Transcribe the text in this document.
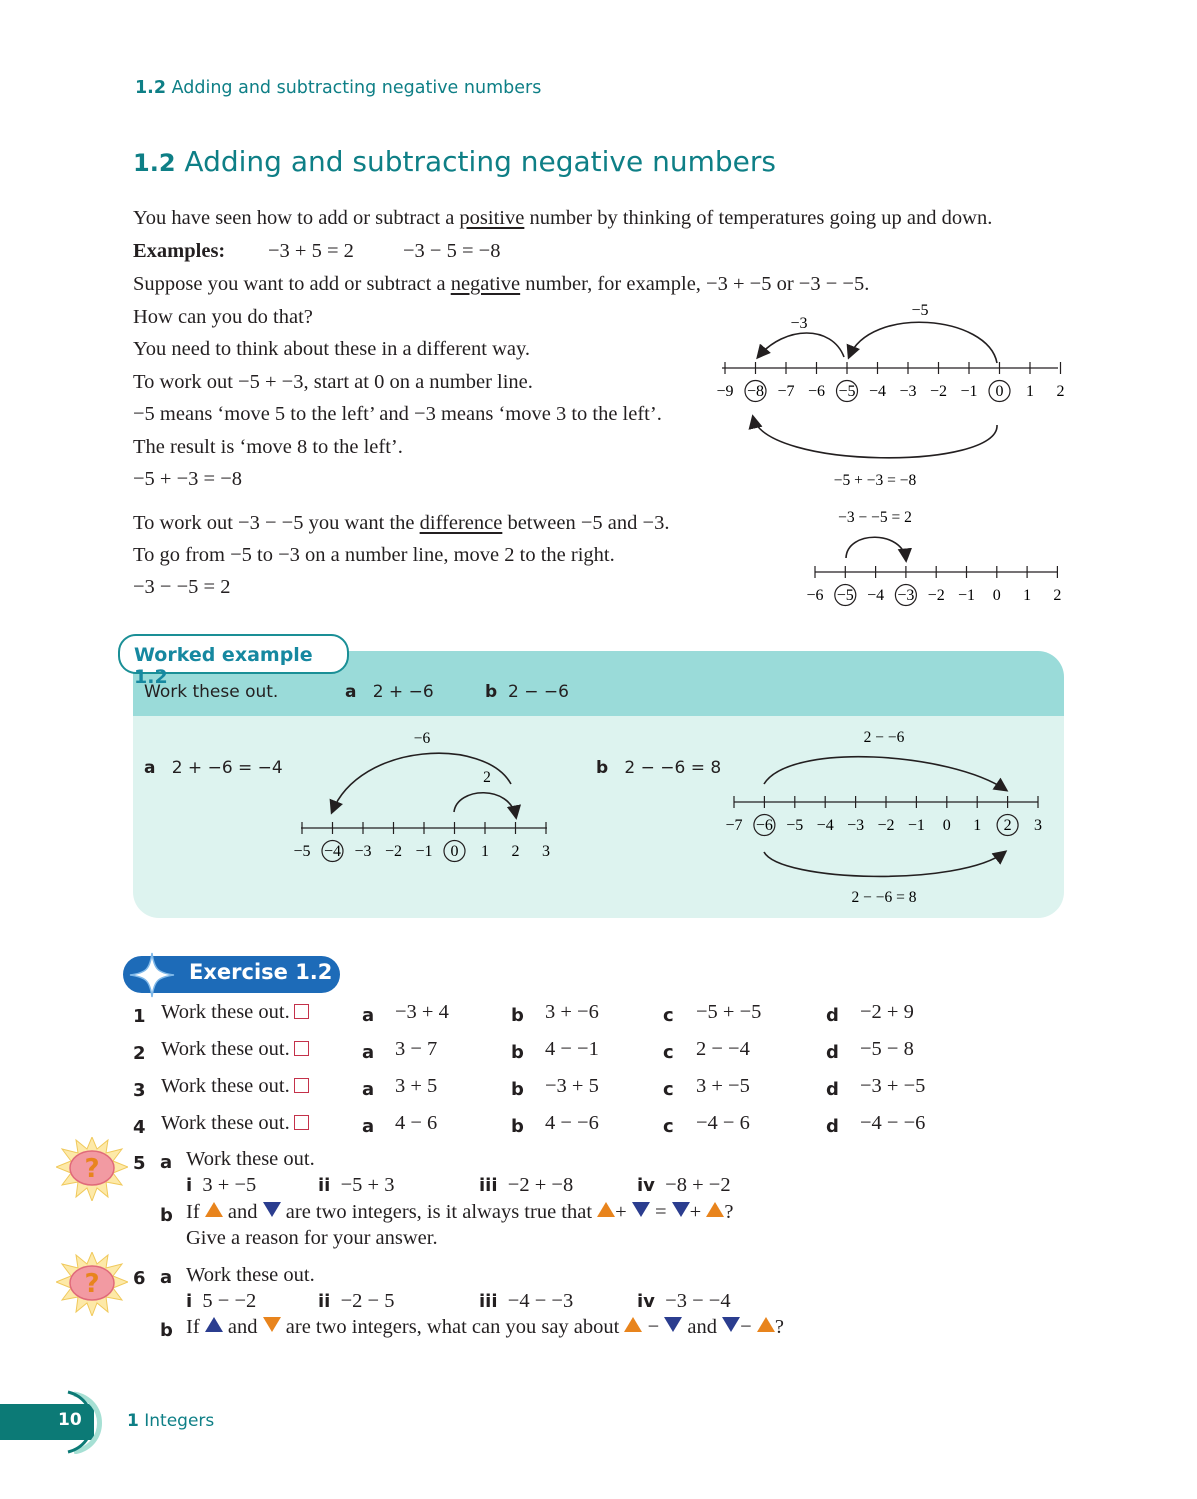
1.2 Adding and subtracting negative numbers
1.2 Adding and subtracting negative numbers
You have seen how to add or subtract a positive number by thinking of temperatures going up and down.
Examples: −3 + 5 = 2 −3 − 5 = −8
Suppose you want to add or subtract a negative number, for example, −3 + −5 or −3 − −5.
How can you do that?
You need to think about these in a different way.
To work out −5 + −3, start at 0 on a number line.
−5 means ‘move 5 to the left’ and −3 means ‘move 3 to the left’.
The result is ‘move 8 to the left’.
−5 + −3 = −8
To work out −3 − −5 you want the difference between −5 and −3.
To go from −5 to −3 on a number line, move 2 to the right.
−3 − −5 = 2
−9 −8 −7 −6 −5 −4 −3 −2 −1 0 1 2
−3
−5
−5 + −3 = −8
−3 − −5 = 2
−6 −5 −4 −3 −2 −1 0 1 2
Worked example 1.2
Work these out.	a 2 + −6	b 2 − −6
a 2 + −6 = −4	b 2 − −6 = 8
−6
2
−5 −4 −3 −2 −1 0 1 2 3
2 − −6
−7 −6 −5 −4 −3 −2 −1 0 1 2 3
2 − −6 = 8
Exercise 1.2
1 Work these out.	a −3 + 4	b 3 + −6	c −5 + −5	d −2 + 9
2 Work these out.	a 3 − 7	b 4 − −1	c 2 − −4	d −5 − 8
3 Work these out.	a 3 + 5	b −3 + 5	c 3 + −5	d −3 + −5
4 Work these out.	a 4 − 6	b 4 − −6	c −4 − 6	d −4 − −6
? 5 a Work these out.
i 3 + −5	ii −5 + 3	iii −2 + −8	iv −8 + −2
b If and are two integers, is it always true that +  = + ?
Give a reason for your answer.
? 6 a Work these out.
i 5 − −2	ii −2 − 5	iii −4 − −3	iv −3 − −4
b If and are two integers, what can you say about  −  and − ?
10	1 Integers
